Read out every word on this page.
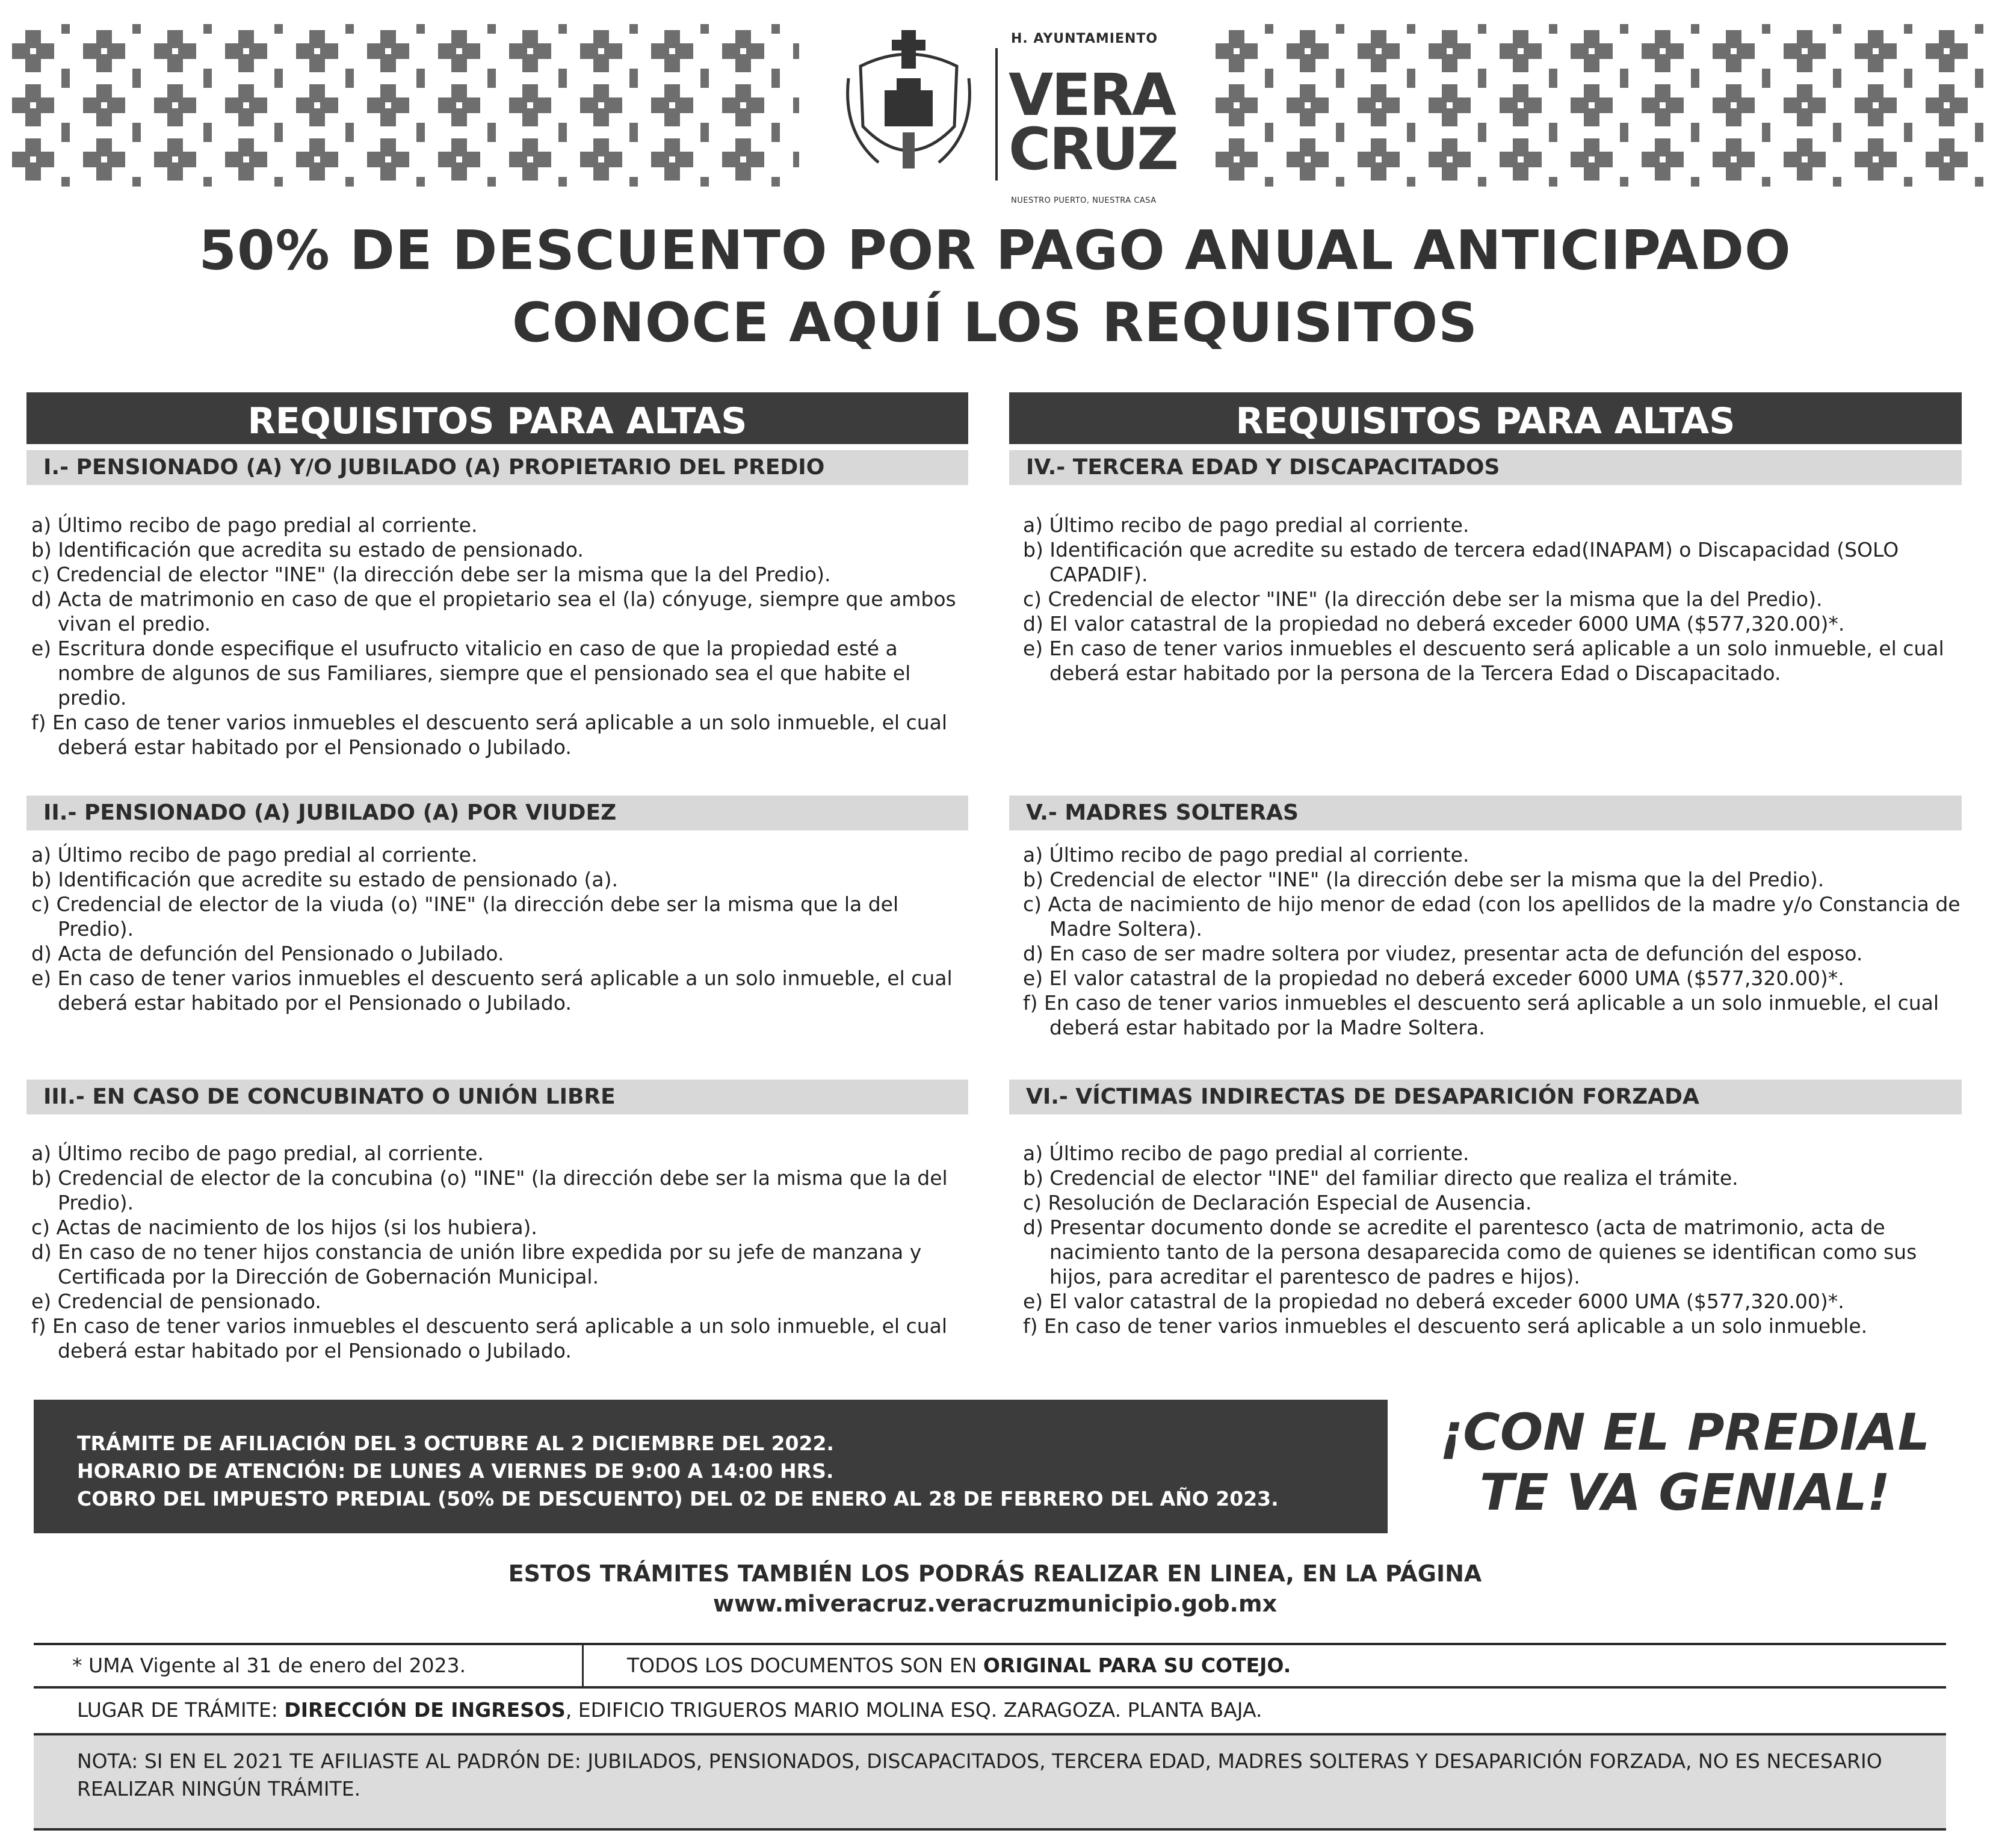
H. AYUNTAMIENTO
VERA
CRUZ
NUESTRO PUERTO, NUESTRA CASA
50% DE DESCUENTO POR PAGO ANUAL ANTICIPADO
CONOCE AQUÍ LOS REQUISITOS
REQUISITOS PARA ALTAS	REQUISITOS PARA ALTAS
I.- PENSIONADO (A) Y/O JUBILADO (A) PROPIETARIO DEL PREDIO
a) Último recibo de pago predial al corriente.
b) Identificación que acredita su estado de pensionado.
c) Credencial de elector "INE" (la dirección debe ser la misma que la del Predio).
d) Acta de matrimonio en caso de que el propietario sea el (la) cónyuge, siempre que ambos vivan el predio.
e) Escritura donde especifique el usufructo vitalicio en caso de que la propiedad esté a nombre de algunos de sus Familiares, siempre que el pensionado sea el que habite el predio.
f) En caso de tener varios inmuebles el descuento será aplicable a un solo inmueble, el cual deberá estar habitado por el Pensionado o Jubilado.
II.- PENSIONADO (A) JUBILADO (A) POR VIUDEZ
a) Último recibo de pago predial al corriente.
b) Identificación que acredite su estado de pensionado (a).
c) Credencial de elector de la viuda (o) "INE" (la dirección debe ser la misma que la del Predio).
d) Acta de defunción del Pensionado o Jubilado.
e) En caso de tener varios inmuebles el descuento será aplicable a un solo inmueble, el cual deberá estar habitado por el Pensionado o Jubilado.
III.- EN CASO DE CONCUBINATO O UNIÓN LIBRE
a) Último recibo de pago predial, al corriente.
b) Credencial de elector de la concubina (o) "INE" (la dirección debe ser la misma que la del Predio).
c) Actas de nacimiento de los hijos (si los hubiera).
d) En caso de no tener hijos constancia de unión libre expedida por su jefe de manzana y Certificada por la Dirección de Gobernación Municipal.
e) Credencial de pensionado.
f) En caso de tener varios inmuebles el descuento será aplicable a un solo inmueble, el cual deberá estar habitado por el Pensionado o Jubilado.
IV.- TERCERA EDAD Y DISCAPACITADOS
a) Último recibo de pago predial al corriente.
b) Identificación que acredite su estado de tercera edad(INAPAM) o Discapacidad (SOLO CAPADIF).
c) Credencial de elector "INE" (la dirección debe ser la misma que la del Predio).
d) El valor catastral de la propiedad no deberá exceder 6000 UMA ($577,320.00)*.
e) En caso de tener varios inmuebles el descuento será aplicable a un solo inmueble, el cual deberá estar habitado por la persona de la Tercera Edad o Discapacitado.
V.- MADRES SOLTERAS
a) Último recibo de pago predial al corriente.
b) Credencial de elector "INE" (la dirección debe ser la misma que la del Predio).
c) Acta de nacimiento de hijo menor de edad (con los apellidos de la madre y/o Constancia de Madre Soltera).
d) En caso de ser madre soltera por viudez, presentar acta de defunción del esposo.
e) El valor catastral de la propiedad no deberá exceder 6000 UMA ($577,320.00)*.
f) En caso de tener varios inmuebles el descuento será aplicable a un solo inmueble, el cual deberá estar habitado por la Madre Soltera.
VI.- VÍCTIMAS INDIRECTAS DE DESAPARICIÓN FORZADA
a) Último recibo de pago predial al corriente.
b) Credencial de elector "INE" del familiar directo que realiza el trámite.
c) Resolución de Declaración Especial de Ausencia.
d) Presentar documento donde se acredite el parentesco (acta de matrimonio, acta de nacimiento tanto de la persona desaparecida como de quienes se identifican como sus hijos, para acreditar el parentesco de padres e hijos).
e) El valor catastral de la propiedad no deberá exceder 6000 UMA ($577,320.00)*.
f) En caso de tener varios inmuebles el descuento será aplicable a un solo inmueble.
TRÁMITE DE AFILIACIÓN DEL 3 OCTUBRE AL 2 DICIEMBRE DEL 2022.
HORARIO DE ATENCIÓN: DE LUNES A VIERNES DE 9:00 A 14:00 HRS.
COBRO DEL IMPUESTO PREDIAL (50% DE DESCUENTO) DEL 02 DE ENERO AL 28 DE FEBRERO DEL AÑO 2023.
¡CON EL PREDIAL
TE VA GENIAL!
ESTOS TRÁMITES TAMBIÉN LOS PODRÁS REALIZAR EN LINEA, EN LA PÁGINA
www.miveracruz.veracruzmunicipio.gob.mx
* UMA Vigente al 31 de enero del 2023.	TODOS LOS DOCUMENTOS SON EN ORIGINAL PARA SU COTEJO.
LUGAR DE TRÁMITE: DIRECCIÓN DE INGRESOS, EDIFICIO TRIGUEROS MARIO MOLINA ESQ. ZARAGOZA. PLANTA BAJA.
NOTA: SI EN EL 2021 TE AFILIASTE AL PADRÓN DE: JUBILADOS, PENSIONADOS, DISCAPACITADOS, TERCERA EDAD, MADRES SOLTERAS Y DESAPARICIÓN FORZADA, NO ES NECESARIO REALIZAR NINGÚN TRÁMITE.
